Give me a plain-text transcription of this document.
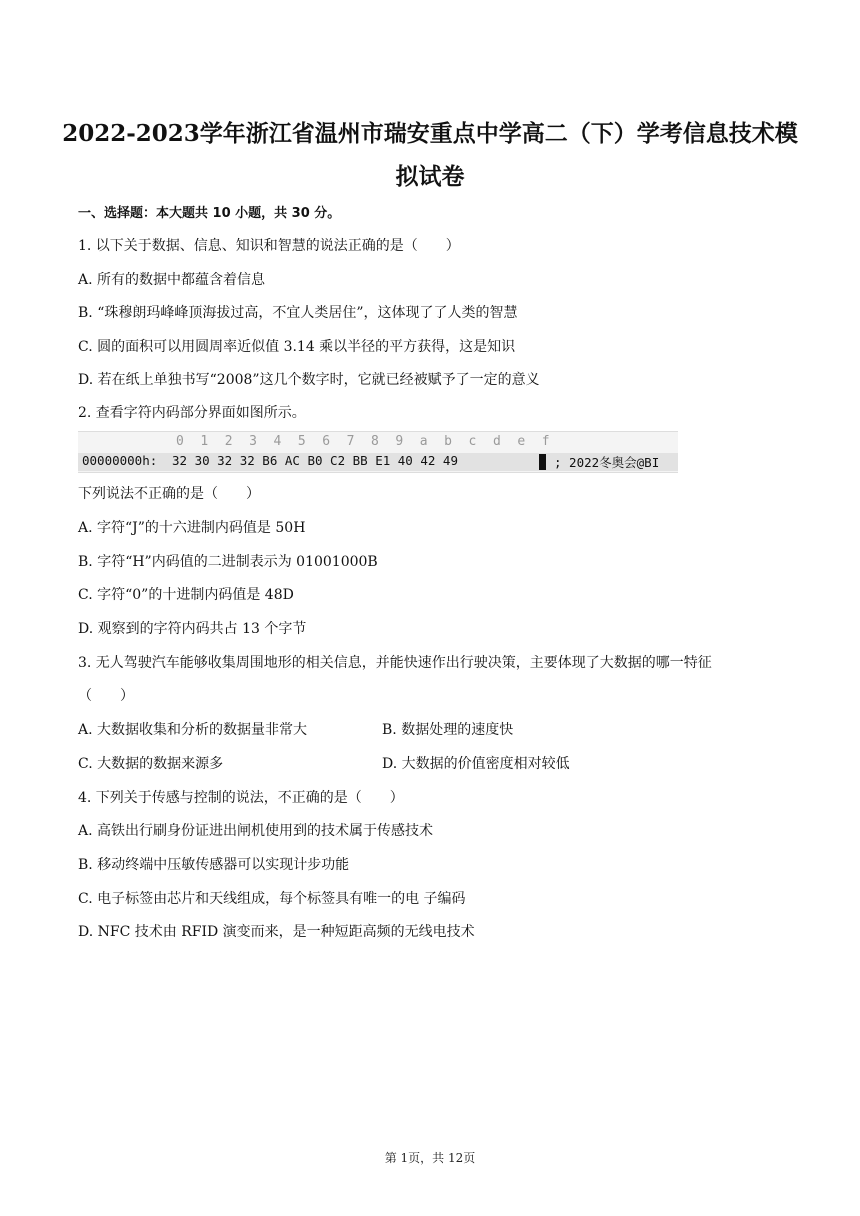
2022-2023学年浙江省温州市瑞安重点中学高二（下）学考信息技术模
拟试卷
一、选择题：本大题共 10 小题，共 30 分。
1. 以下关于数据、信息、知识和智慧的说法正确的是（　　）
A. 所有的数据中都蕴含着信息
B. “珠穆朗玛峰峰顶海拔过高，不宜人类居住”，这体现了了人类的智慧
C. 圆的面积可以用圆周率近似值 3.14 乘以半径的平方获得，这是知识
D. 若在纸上单独书写“2008”这几个数字时，它就已经被赋予了一定的意义
2. 查看字符内码部分界面如图所示。
0  1  2  3  4  5  6  7  8  9  a  b  c  d  e  f
00000000h: 32 30 32 32 B6 AC B0 C2 BB E1 40 42 49	; 2022冬奥会@BI
下列说法不正确的是（　　）
A. 字符“J”的十六进制内码值是 50H
B. 字符“H”内码值的二进制表示为 01001000B
C. 字符“0”的十进制内码值是 48D
D. 观察到的字符内码共占 13 个字节
3. 无人驾驶汽车能够收集周围地形的相关信息，并能快速作出行驶决策，主要体现了大数据的哪一特征
（　　）
A. 大数据收集和分析的数据量非常大	B. 数据处理的速度快
C. 大数据的数据来源多	D. 大数据的价值密度相对较低
4. 下列关于传感与控制的说法，不正确的是（　　）
A. 高铁出行刷身份证进出闸机使用到的技术属于传感技术
B. 移动终端中压敏传感器可以实现计步功能
C. 电子标签由芯片和天线组成，每个标签具有唯一的电 子编码
D. NFC 技术由 RFID 演变而来，是一种短距高频的无线电技术
第 1页，共 12页
